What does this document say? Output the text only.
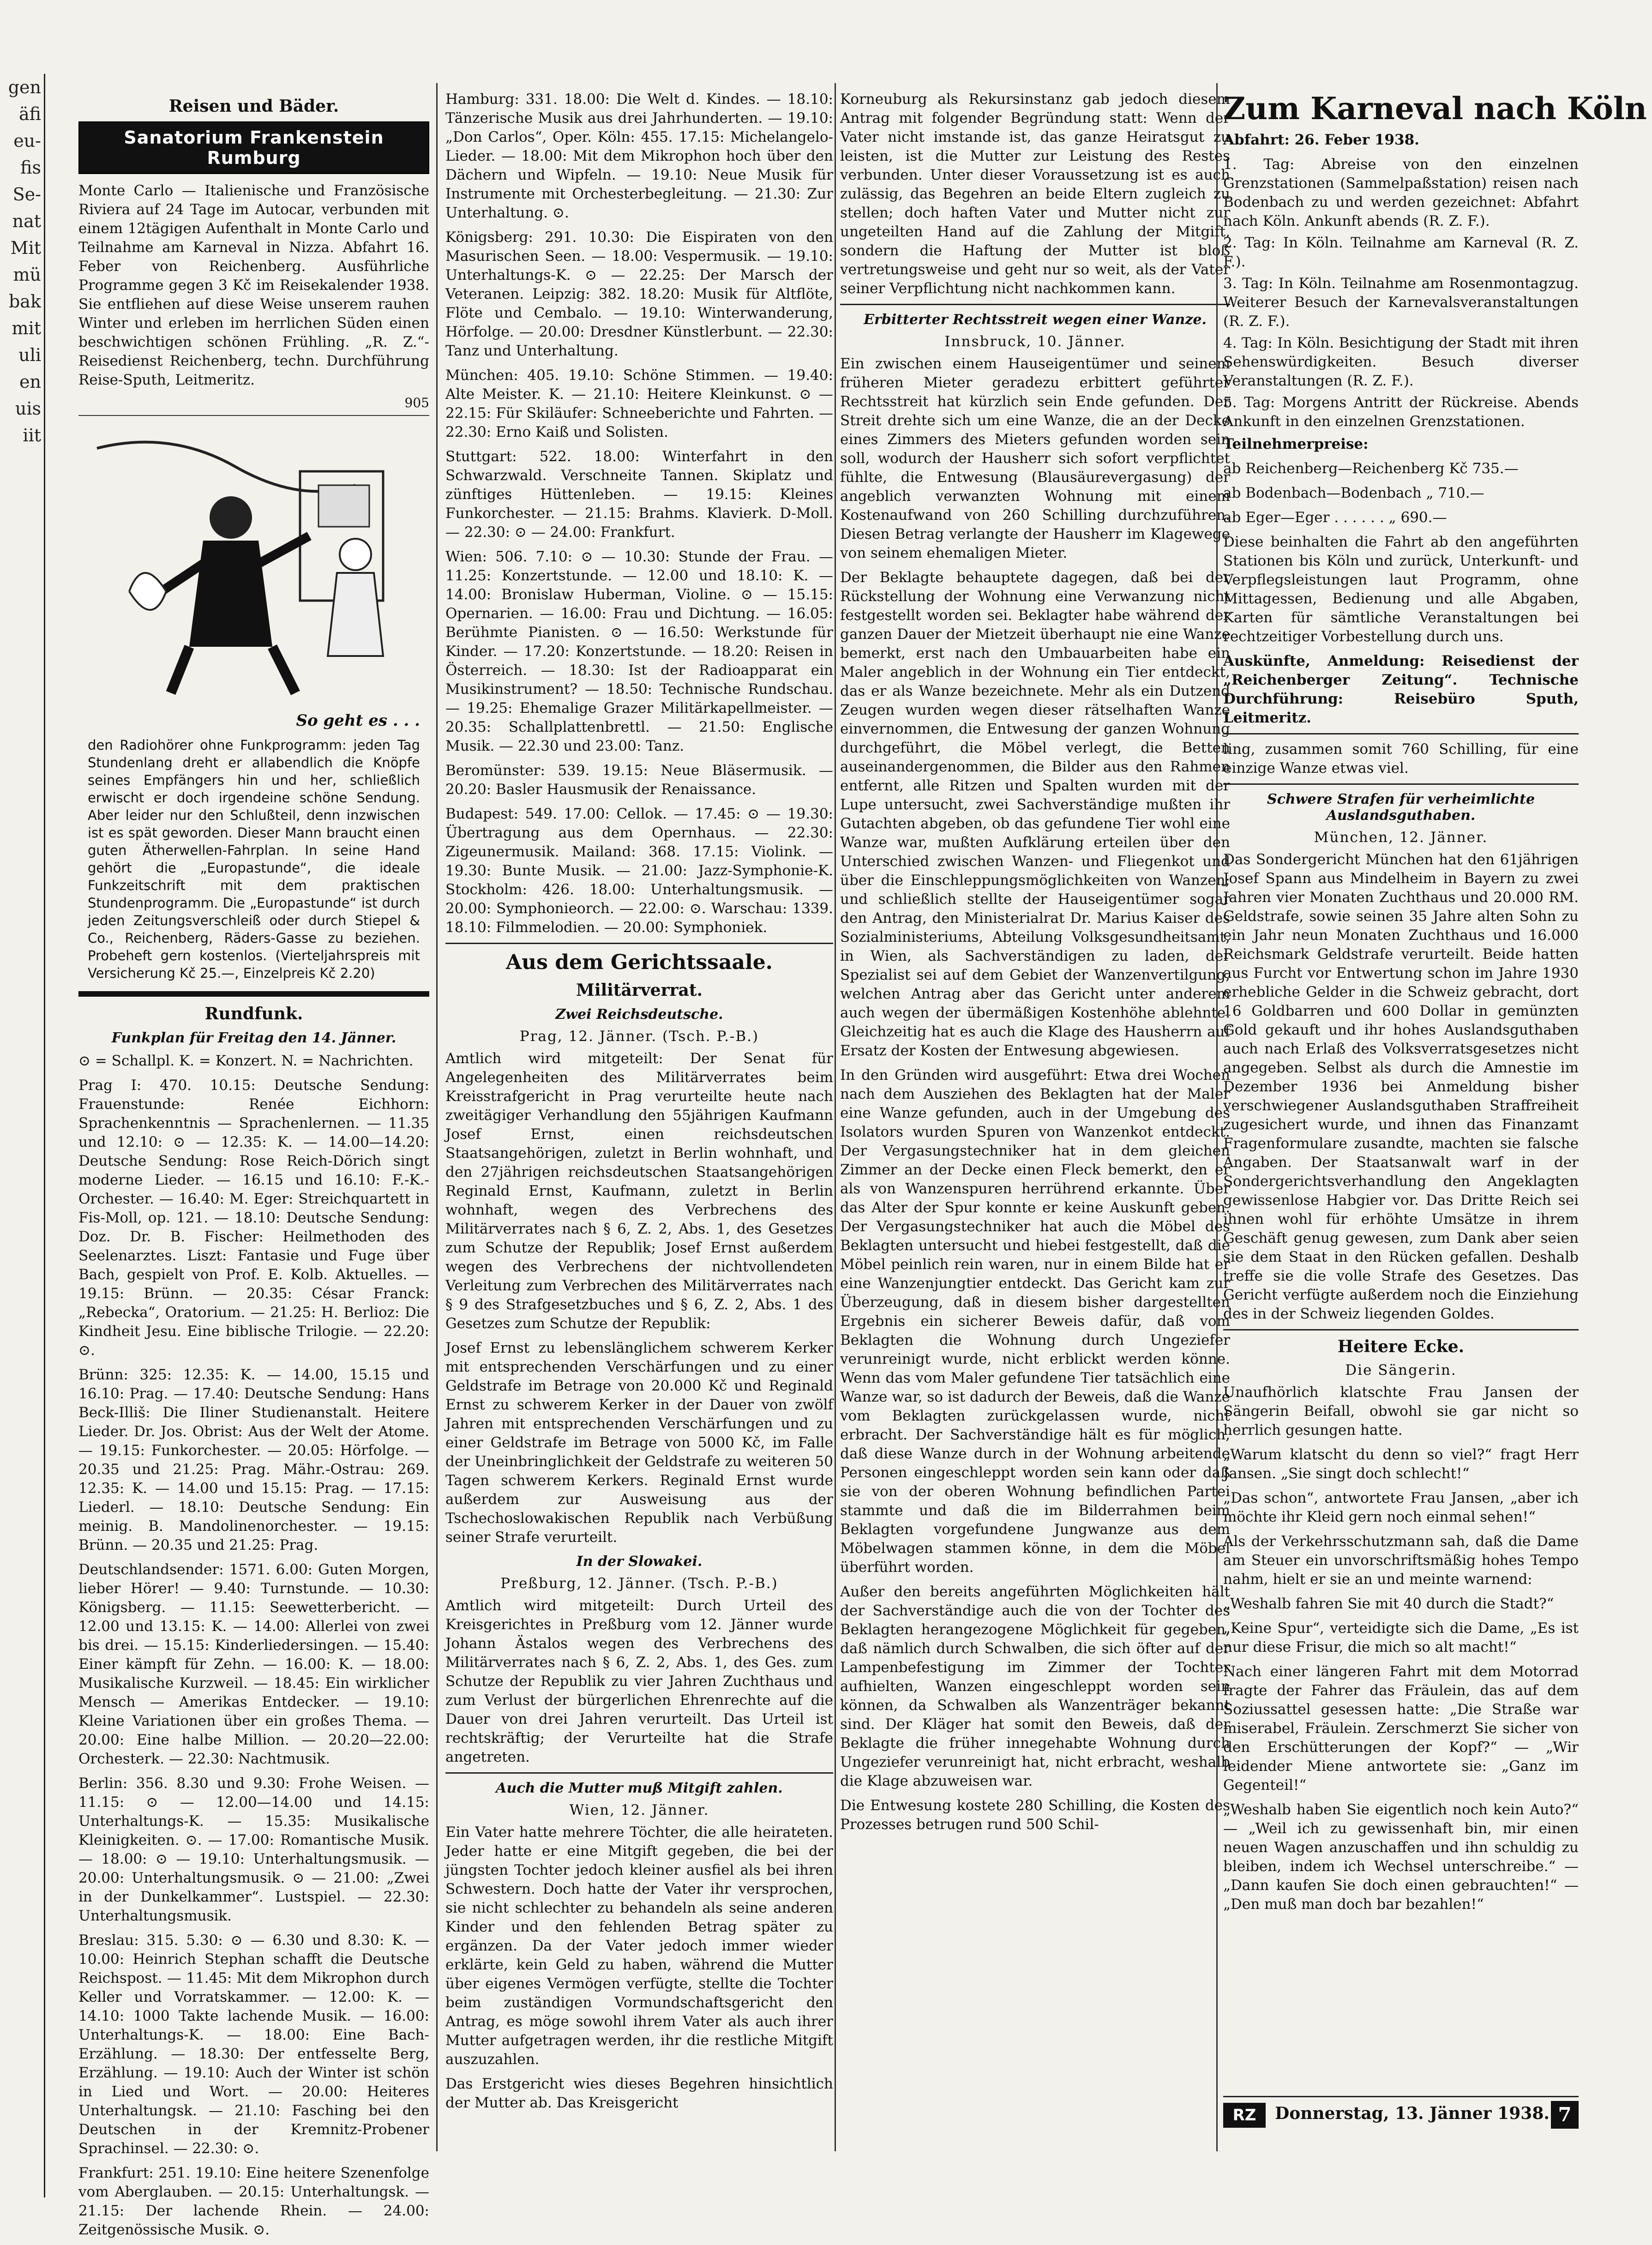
gen
äfi
eu-
fis
Se-
nat
Mit
mü
bak
mit
uli
en
uis
iit
Reisen und Bäder.
Sanatorium Frankenstein Rumburg

Monte Carlo — Italienische und Französische Riviera auf 24 Tage im Autocar, verbunden mit einem 12tägigen Aufenthalt in Monte Carlo und Teilnahme am Karneval in Nizza. Abfahrt 16. Feber von Reichenberg. Ausführliche Programme gegen 3 Kč im Reisekalender 1938. Sie entfliehen auf diese Weise unserem rauhen Winter und erleben im herrlichen Süden einen beschwichtigen schönen Frühling. „R. Z.“-Reisedienst Reichenberg, techn. Durchführung Reise-Sputh, Leitmeritz.

905
So geht es . . .
den Radiohörer ohne Funkprogramm: jeden Tag Stundenlang dreht er allabendlich die Knöpfe seines Empfängers hin und her, schließlich erwischt er doch irgendeine schöne Sendung. Aber leider nur den Schlußteil, denn inzwischen ist es spät geworden. Dieser Mann braucht einen guten Ätherwellen-Fahrplan. In seine Hand gehört die „Europastunde“, die ideale Funkzeitschrift mit dem praktischen Stundenprogramm. Die „Europastunde“ ist durch jeden Zeitungsverschleiß oder durch Stiepel & Co., Reichenberg, Räders-Gasse zu beziehen. Probeheft gern kostenlos. (Vierteljahrspreis mit Versicherung Kč 25.—, Einzelpreis Kč 2.20)
Rundfunk.
Funkplan für Freitag den 14. Jänner.

⊙ = Schallpl. K. = Konzert. N. = Nachrichten.

Prag I: 470. 10.15: Deutsche Sendung: Frauenstunde: Renée Eichhorn: Sprachenkenntnis — Sprachenlernen. — 11.35 und 12.10: ⊙ — 12.35: K. — 14.00—14.20: Deutsche Sendung: Rose Reich-Dörich singt moderne Lieder. — 16.15 und 16.10: F.-K.-Orchester. — 16.40: M. Eger: Streichquartett in Fis-Moll, op. 121. — 18.10: Deutsche Sendung: Doz. Dr. B. Fischer: Heilmethoden des Seelenarztes. Liszt: Fantasie und Fuge über Bach, gespielt von Prof. E. Kolb. Aktuelles. — 19.15: Brünn. — 20.35: César Franck: „Rebecka“, Oratorium. — 21.25: H. Berlioz: Die Kindheit Jesu. Eine biblische Trilogie. — 22.20: ⊙.

Brünn: 325: 12.35: K. — 14.00, 15.15 und 16.10: Prag. — 17.40: Deutsche Sendung: Hans Beck-Illiš: Die Iliner Studienanstalt. Heitere Lieder. Dr. Jos. Obrist: Aus der Welt der Atome. — 19.15: Funkorchester. — 20.05: Hörfolge. — 20.35 und 21.25: Prag. Mähr.-Ostrau: 269. 12.35: K. — 14.00 und 15.15: Prag. — 17.15: Liederl. — 18.10: Deutsche Sendung: Ein meinig. B. Mandolinenorchester. — 19.15: Brünn. — 20.35 und 21.25: Prag.

Deutschlandsender: 1571. 6.00: Guten Morgen, lieber Hörer! — 9.40: Turnstunde. — 10.30: Königsberg. — 11.15: Seewetterbericht. — 12.00 und 13.15: K. — 14.00: Allerlei von zwei bis drei. — 15.15: Kinderliedersingen. — 15.40: Einer kämpft für Zehn. — 16.00: K. — 18.00: Musikalische Kurzweil. — 18.45: Ein wirklicher Mensch — Amerikas Entdecker. — 19.10: Kleine Variationen über ein großes Thema. — 20.00: Eine halbe Million. — 20.20—22.00: Orchesterk. — 22.30: Nachtmusik.

Berlin: 356. 8.30 und 9.30: Frohe Weisen. — 11.15: ⊙ — 12.00—14.00 und 14.15: Unterhaltungs-K. — 15.35: Musikalische Kleinigkeiten. ⊙. — 17.00: Romantische Musik. — 18.00: ⊙ — 19.10: Unterhaltungsmusik. — 20.00: Unterhaltungsmusik. ⊙ — 21.00: „Zwei in der Dunkelkammer“. Lustspiel. — 22.30: Unterhaltungsmusik.

Breslau: 315. 5.30: ⊙ — 6.30 und 8.30: K. — 10.00: Heinrich Stephan schafft die Deutsche Reichspost. — 11.45: Mit dem Mikrophon durch Keller und Vorratskammer. — 12.00: K. — 14.10: 1000 Takte lachende Musik. — 16.00: Unterhaltungs-K. — 18.00: Eine Bach-Erzählung. — 18.30: Der entfesselte Berg, Erzählung. — 19.10: Auch der Winter ist schön in Lied und Wort. — 20.00: Heiteres Unterhaltungsk. — 21.10: Fasching bei den Deutschen in der Kremnitz-Probener Sprachinsel. — 22.30: ⊙.

Frankfurt: 251. 19.10: Eine heitere Szenenfolge vom Aberglauben. — 20.15: Unterhaltungsk. — 21.15: Der lachende Rhein. — 24.00: Zeitgenössische Musik. ⊙.

Hamburg: 331. 18.00: Die Welt d. Kindes. — 18.10: Tänzerische Musik aus drei Jahrhunderten. — 19.10: „Don Carlos“, Oper. Köln: 455. 17.15: Michelangelo-Lieder. — 18.00: Mit dem Mikrophon hoch über den Dächern und Wipfeln. — 19.10: Neue Musik für Instrumente mit Orchesterbegleitung. — 21.30: Zur Unterhaltung. ⊙.

Königsberg: 291. 10.30: Die Eispiraten von den Masurischen Seen. — 18.00: Vespermusik. — 19.10: Unterhaltungs-K. ⊙ — 22.25: Der Marsch der Veteranen. Leipzig: 382. 18.20: Musik für Altflöte, Flöte und Cembalo. — 19.10: Winterwanderung, Hörfolge. — 20.00: Dresdner Künstlerbunt. — 22.30: Tanz und Unterhaltung.

München: 405. 19.10: Schöne Stimmen. — 19.40: Alte Meister. K. — 21.10: Heitere Kleinkunst. ⊙ — 22.15: Für Skiläufer: Schneeberichte und Fahrten. — 22.30: Erno Kaiß und Solisten.

Stuttgart: 522. 18.00: Winterfahrt in den Schwarzwald. Verschneite Tannen. Skiplatz und zünftiges Hüttenleben. — 19.15: Kleines Funkorchester. — 21.15: Brahms. Klavierk. D-Moll. — 22.30: ⊙ — 24.00: Frankfurt.

Wien: 506. 7.10: ⊙ — 10.30: Stunde der Frau. — 11.25: Konzertstunde. — 12.00 und 18.10: K. — 14.00: Bronislaw Huberman, Violine. ⊙ — 15.15: Opernarien. — 16.00: Frau und Dichtung. — 16.05: Berühmte Pianisten. ⊙ — 16.50: Werkstunde für Kinder. — 17.20: Konzertstunde. — 18.20: Reisen in Österreich. — 18.30: Ist der Radioapparat ein Musikinstrument? — 18.50: Technische Rundschau. — 19.25: Ehemalige Grazer Militärkapellmeister. — 20.35: Schallplattenbrettl. — 21.50: Englische Musik. — 22.30 und 23.00: Tanz.

Beromünster: 539. 19.15: Neue Bläsermusik. — 20.20: Basler Hausmusik der Renaissance.

Budapest: 549. 17.00: Cellok. — 17.45: ⊙ — 19.30: Übertragung aus dem Opernhaus. — 22.30: Zigeunermusik. Mailand: 368. 17.15: Violink. — 19.30: Bunte Musik. — 21.00: Jazz-Symphonie-K. Stockholm: 426. 18.00: Unterhaltungsmusik. — 20.00: Symphonieorch. — 22.00: ⊙. Warschau: 1339. 18.10: Filmmelodien. — 20.00: Symphoniek.

Aus dem Gerichtssaale.
Militärverrat.
Zwei Reichsdeutsche.
Prag, 12. Jänner. (Tsch. P.-B.)

Amtlich wird mitgeteilt: Der Senat für Angelegenheiten des Militärverrates beim Kreisstrafgericht in Prag verurteilte heute nach zweitägiger Verhandlung den 55jährigen Kaufmann Josef Ernst, einen reichsdeutschen Staatsangehörigen, zuletzt in Berlin wohnhaft, und den 27jährigen reichsdeutschen Staatsangehörigen Reginald Ernst, Kaufmann, zuletzt in Berlin wohnhaft, wegen des Verbrechens des Militärverrates nach § 6, Z. 2, Abs. 1, des Gesetzes zum Schutze der Republik; Josef Ernst außerdem wegen des Verbrechens der nichtvollendeten Verleitung zum Verbrechen des Militärverrates nach § 9 des Strafgesetzbuches und § 6, Z. 2, Abs. 1 des Gesetzes zum Schutze der Republik:

Josef Ernst zu lebenslänglichem schwerem Kerker mit entsprechenden Verschärfungen und zu einer Geldstrafe im Betrage von 20.000 Kč und Reginald Ernst zu schwerem Kerker in der Dauer von zwölf Jahren mit entsprechenden Verschärfungen und zu einer Geldstrafe im Betrage von 5000 Kč, im Falle der Uneinbringlichkeit der Geldstrafe zu weiteren 50 Tagen schwerem Kerkers. Reginald Ernst wurde außerdem zur Ausweisung aus der Tschechoslowakischen Republik nach Verbüßung seiner Strafe verurteilt.

In der Slowakei.
Preßburg, 12. Jänner. (Tsch. P.-B.)

Amtlich wird mitgeteilt: Durch Urteil des Kreisgerichtes in Preßburg vom 12. Jänner wurde Johann Ästalos wegen des Verbrechens des Militärverrates nach § 6, Z. 2, Abs. 1, des Ges. zum Schutze der Republik zu vier Jahren Zuchthaus und zum Verlust der bürgerlichen Ehrenrechte auf die Dauer von drei Jahren verurteilt. Das Urteil ist rechtskräftig; der Verurteilte hat die Strafe angetreten.

Auch die Mutter muß Mitgift zahlen.
Wien, 12. Jänner.

Ein Vater hatte mehrere Töchter, die alle heirateten. Jeder hatte er eine Mitgift gegeben, die bei der jüngsten Tochter jedoch kleiner ausfiel als bei ihren Schwestern. Doch hatte der Vater ihr versprochen, sie nicht schlechter zu behandeln als seine anderen Kinder und den fehlenden Betrag später zu ergänzen. Da der Vater jedoch immer wieder erklärte, kein Geld zu haben, während die Mutter über eigenes Vermögen verfügte, stellte die Tochter beim zuständigen Vormundschaftsgericht den Antrag, es möge sowohl ihrem Vater als auch ihrer Mutter aufgetragen werden, ihr die restliche Mitgift auszuzahlen.

Das Erstgericht wies dieses Begehren hinsichtlich der Mutter ab. Das Kreisgericht

Korneuburg als Rekursinstanz gab jedoch diesem Antrag mit folgender Begründung statt: Wenn der Vater nicht imstande ist, das ganze Heiratsgut zu leisten, ist die Mutter zur Leistung des Restes verbunden. Unter dieser Voraussetzung ist es auch zulässig, das Begehren an beide Eltern zugleich zu stellen; doch haften Vater und Mutter nicht zur ungeteilten Hand auf die Zahlung der Mitgift, sondern die Haftung der Mutter ist bloß vertretungsweise und geht nur so weit, als der Vater seiner Verpflichtung nicht nachkommen kann.

Erbitterter Rechtsstreit wegen einer Wanze.
Innsbruck, 10. Jänner.

Ein zwischen einem Hauseigentümer und seinem früheren Mieter geradezu erbittert geführter Rechtsstreit hat kürzlich sein Ende gefunden. Der Streit drehte sich um eine Wanze, die an der Decke eines Zimmers des Mieters gefunden worden sein soll, wodurch der Hausherr sich sofort verpflichtet fühlte, die Entwesung (Blausäurevergasung) der angeblich verwanzten Wohnung mit einem Kostenaufwand von 260 Schilling durchzuführen. Diesen Betrag verlangte der Hausherr im Klagewege von seinem ehemaligen Mieter.

Der Beklagte behauptete dagegen, daß bei der Rückstellung der Wohnung eine Verwanzung nicht festgestellt worden sei. Beklagter habe während der ganzen Dauer der Mietzeit überhaupt nie eine Wanze bemerkt, erst nach den Umbauarbeiten habe ein Maler angeblich in der Wohnung ein Tier entdeckt, das er als Wanze bezeichnete. Mehr als ein Dutzend Zeugen wurden wegen dieser rätselhaften Wanze einvernommen, die Entwesung der ganzen Wohnung durchgeführt, die Möbel verlegt, die Betten auseinandergenommen, die Bilder aus den Rahmen entfernt, alle Ritzen und Spalten wurden mit der Lupe untersucht, zwei Sachverständige mußten ihr Gutachten abgeben, ob das gefundene Tier wohl eine Wanze war, mußten Aufklärung erteilen über den Unterschied zwischen Wanzen- und Fliegenkot und über die Einschleppungsmöglichkeiten von Wanzen; und schließlich stellte der Hauseigentümer sogar den Antrag, den Ministerialrat Dr. Marius Kaiser des Sozialministeriums, Abteilung Volksgesundheitsamt, in Wien, als Sachverständigen zu laden, der Spezialist sei auf dem Gebiet der Wanzenvertilgung, welchen Antrag aber das Gericht unter anderem auch wegen der übermäßigen Kostenhöhe ablehnte. Gleichzeitig hat es auch die Klage des Hausherrn auf Ersatz der Kosten der Entwesung abgewiesen.

In den Gründen wird ausgeführt: Etwa drei Wochen nach dem Ausziehen des Beklagten hat der Maler eine Wanze gefunden, auch in der Umgebung des Isolators wurden Spuren von Wanzenkot entdeckt. Der Vergasungstechniker hat in dem gleichen Zimmer an der Decke einen Fleck bemerkt, den er als von Wanzenspuren herrührend erkannte. Über das Alter der Spur konnte er keine Auskunft geben. Der Vergasungstechniker hat auch die Möbel des Beklagten untersucht und hiebei festgestellt, daß die Möbel peinlich rein waren, nur in einem Bilde hat er eine Wanzenjungtier entdeckt. Das Gericht kam zur Überzeugung, daß in diesem bisher dargestellten Ergebnis ein sicherer Beweis dafür, daß vom Beklagten die Wohnung durch Ungeziefer verunreinigt wurde, nicht erblickt werden könne. Wenn das vom Maler gefundene Tier tatsächlich eine Wanze war, so ist dadurch der Beweis, daß die Wanze vom Beklagten zurückgelassen wurde, nicht erbracht. Der Sachverständige hält es für möglich, daß diese Wanze durch in der Wohnung arbeitende Personen eingeschleppt worden sein kann oder daß sie von der oberen Wohnung befindlichen Partei stammte und daß die im Bilderrahmen beim Beklagten vorgefundene Jungwanze aus dem Möbelwagen stammen könne, in dem die Möbel überführt worden.

Außer den bereits angeführten Möglichkeiten hält der Sachverständige auch die von der Tochter des Beklagten herangezogene Möglichkeit für gegeben, daß nämlich durch Schwalben, die sich öfter auf der Lampenbefestigung im Zimmer der Tochter aufhielten, Wanzen eingeschleppt worden sein können, da Schwalben als Wanzenträger bekannt sind. Der Kläger hat somit den Beweis, daß der Beklagte die früher innegehabte Wohnung durch Ungeziefer verunreinigt hat, nicht erbracht, weshalb die Klage abzuweisen war.

Die Entwesung kostete 280 Schilling, die Kosten des Prozesses betrugen rund 500 Schil-

Zum Karneval nach Köln

Abfahrt: 26. Feber 1938.

1. Tag: Abreise von den einzelnen Grenzstationen (Sammelpaßstation) reisen nach Bodenbach zu und werden gezeichnet: Abfahrt nach Köln. Ankunft abends (R. Z. F.).

2. Tag: In Köln. Teilnahme am Karneval (R. Z. F.).

3. Tag: In Köln. Teilnahme am Rosenmontagzug. Weiterer Besuch der Karnevalsveranstaltungen (R. Z. F.).

4. Tag: In Köln. Besichtigung der Stadt mit ihren Sehenswürdigkeiten. Besuch diverser Veranstaltungen (R. Z. F.).

5. Tag: Morgens Antritt der Rückreise. Abends Ankunft in den einzelnen Grenzstationen.

Teilnehmerpreise:

ab Reichenberg—Reichenberg Kč 735.—

ab Bodenbach—Bodenbach „ 710.—

ab Eger—Eger . . . . . . „ 690.—

Diese beinhalten die Fahrt ab den angeführten Stationen bis Köln und zurück, Unterkunft- und Verpflegsleistungen laut Programm, ohne Mittagessen, Bedienung und alle Abgaben, Karten für sämtliche Veranstaltungen bei rechtzeitiger Vorbestellung durch uns.

Auskünfte, Anmeldung: Reisedienst der „Reichenberger Zeitung“. Technische Durchführung: Reisebüro Sputh, Leitmeritz.

ling, zusammen somit 760 Schilling, für eine einzige Wanze etwas viel.

Schwere Strafen für verheimlichte Auslandsguthaben.
München, 12. Jänner.

Das Sondergericht München hat den 61jährigen Josef Spann aus Mindelheim in Bayern zu zwei Jahren vier Monaten Zuchthaus und 20.000 RM. Geldstrafe, sowie seinen 35 Jahre alten Sohn zu ein Jahr neun Monaten Zuchthaus und 16.000 Reichsmark Geldstrafe verurteilt. Beide hatten aus Furcht vor Entwertung schon im Jahre 1930 erhebliche Gelder in die Schweiz gebracht, dort 16 Goldbarren und 600 Dollar in gemünzten Gold gekauft und ihr hohes Auslandsguthaben auch nach Erlaß des Volksverratsgesetzes nicht angegeben. Selbst als durch die Amnestie im Dezember 1936 bei Anmeldung bisher verschwiegener Auslandsguthaben Straffreiheit zugesichert wurde, und ihnen das Finanzamt Fragenformulare zusandte, machten sie falsche Angaben. Der Staatsanwalt warf in der Sondergerichtsverhandlung den Angeklagten gewissenlose Habgier vor. Das Dritte Reich sei ihnen wohl für erhöhte Umsätze in ihrem Geschäft genug gewesen, zum Dank aber seien sie dem Staat in den Rücken gefallen. Deshalb treffe sie die volle Strafe des Gesetzes. Das Gericht verfügte außerdem noch die Einziehung des in der Schweiz liegenden Goldes.

Heitere Ecke.
Die Sängerin.

Unaufhörlich klatschte Frau Jansen der Sängerin Beifall, obwohl sie gar nicht so herrlich gesungen hatte.

„Warum klatscht du denn so viel?“ fragt Herr Jansen. „Sie singt doch schlecht!“

„Das schon“, antwortete Frau Jansen, „aber ich möchte ihr Kleid gern noch einmal sehen!“

Als der Verkehrsschutzmann sah, daß die Dame am Steuer ein unvorschriftsmäßig hohes Tempo nahm, hielt er sie an und meinte warnend:

„Weshalb fahren Sie mit 40 durch die Stadt?“

„Keine Spur“, verteidigte sich die Dame, „Es ist nur diese Frisur, die mich so alt macht!“

Nach einer längeren Fahrt mit dem Motorrad fragte der Fahrer das Fräulein, das auf dem Soziussattel gesessen hatte: „Die Straße war miserabel, Fräulein. Zerschmerzt Sie sicher von den Erschütterungen der Kopf?“ — „Wir leidender Miene antwortete sie: „Ganz im Gegenteil!“

„Weshalb haben Sie eigentlich noch kein Auto?“ — „Weil ich zu gewissenhaft bin, mir einen neuen Wagen anzuschaffen und ihn schuldig zu bleiben, indem ich Wechsel unterschreibe.“ — „Dann kaufen Sie doch einen gebrauchten!“ — „Den muß man doch bar bezahlen!“

RZ	Donnerstag, 13. Jänner 1938. 7
